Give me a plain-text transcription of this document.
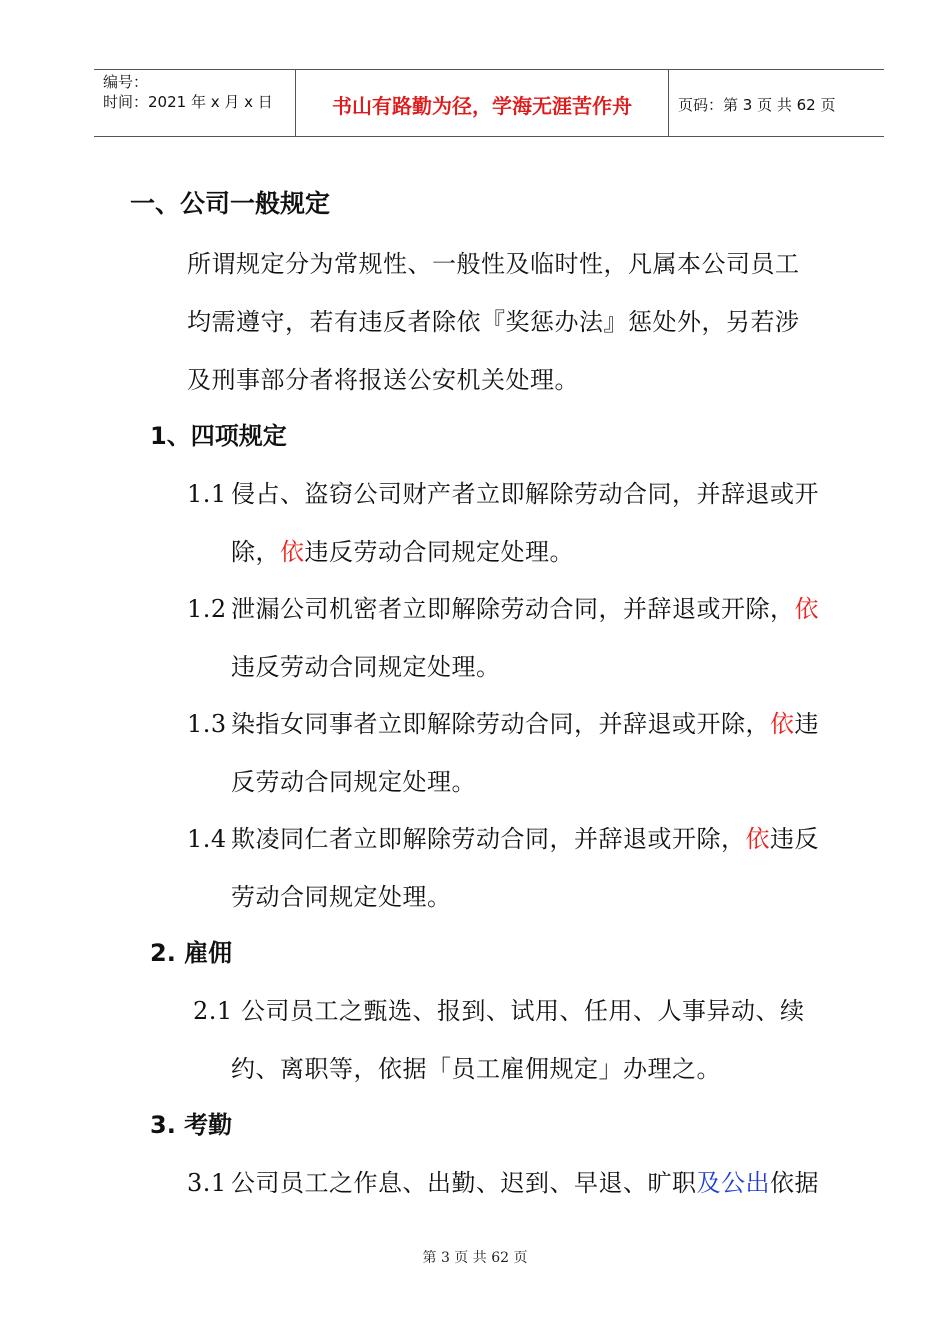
编号：
时间：2021 年 x 月 x 日	书山有路勤为径，学海无涯苦作舟	页码：第 3 页 共 62 页
一、公司一般规定
所谓规定分为常规性、一般性及临时性，凡属本公司员工
均需遵守，若有违反者除依『奖惩办法』惩处外，另若涉
及刑事部分者将报送公安机关处理。
1、四项规定
1.1 侵占、盗窃公司财产者立即解除劳动合同，并辞退或开
除，依违反劳动合同规定处理。
1.2 泄漏公司机密者立即解除劳动合同，并辞退或开除，依
违反劳动合同规定处理。
1.3 染指女同事者立即解除劳动合同，并辞退或开除，依违
反劳动合同规定处理。
1.4 欺凌同仁者立即解除劳动合同，并辞退或开除，依违反
劳动合同规定处理。
2. 雇佣
2.1 公司员工之甄选、报到、试用、任用、人事异动、续
约、离职等，依据「员工雇佣规定」办理之。
3. 考勤
3.1 公司员工之作息、出勤、迟到、早退、旷职及公出依据
第 3 页 共 62 页
